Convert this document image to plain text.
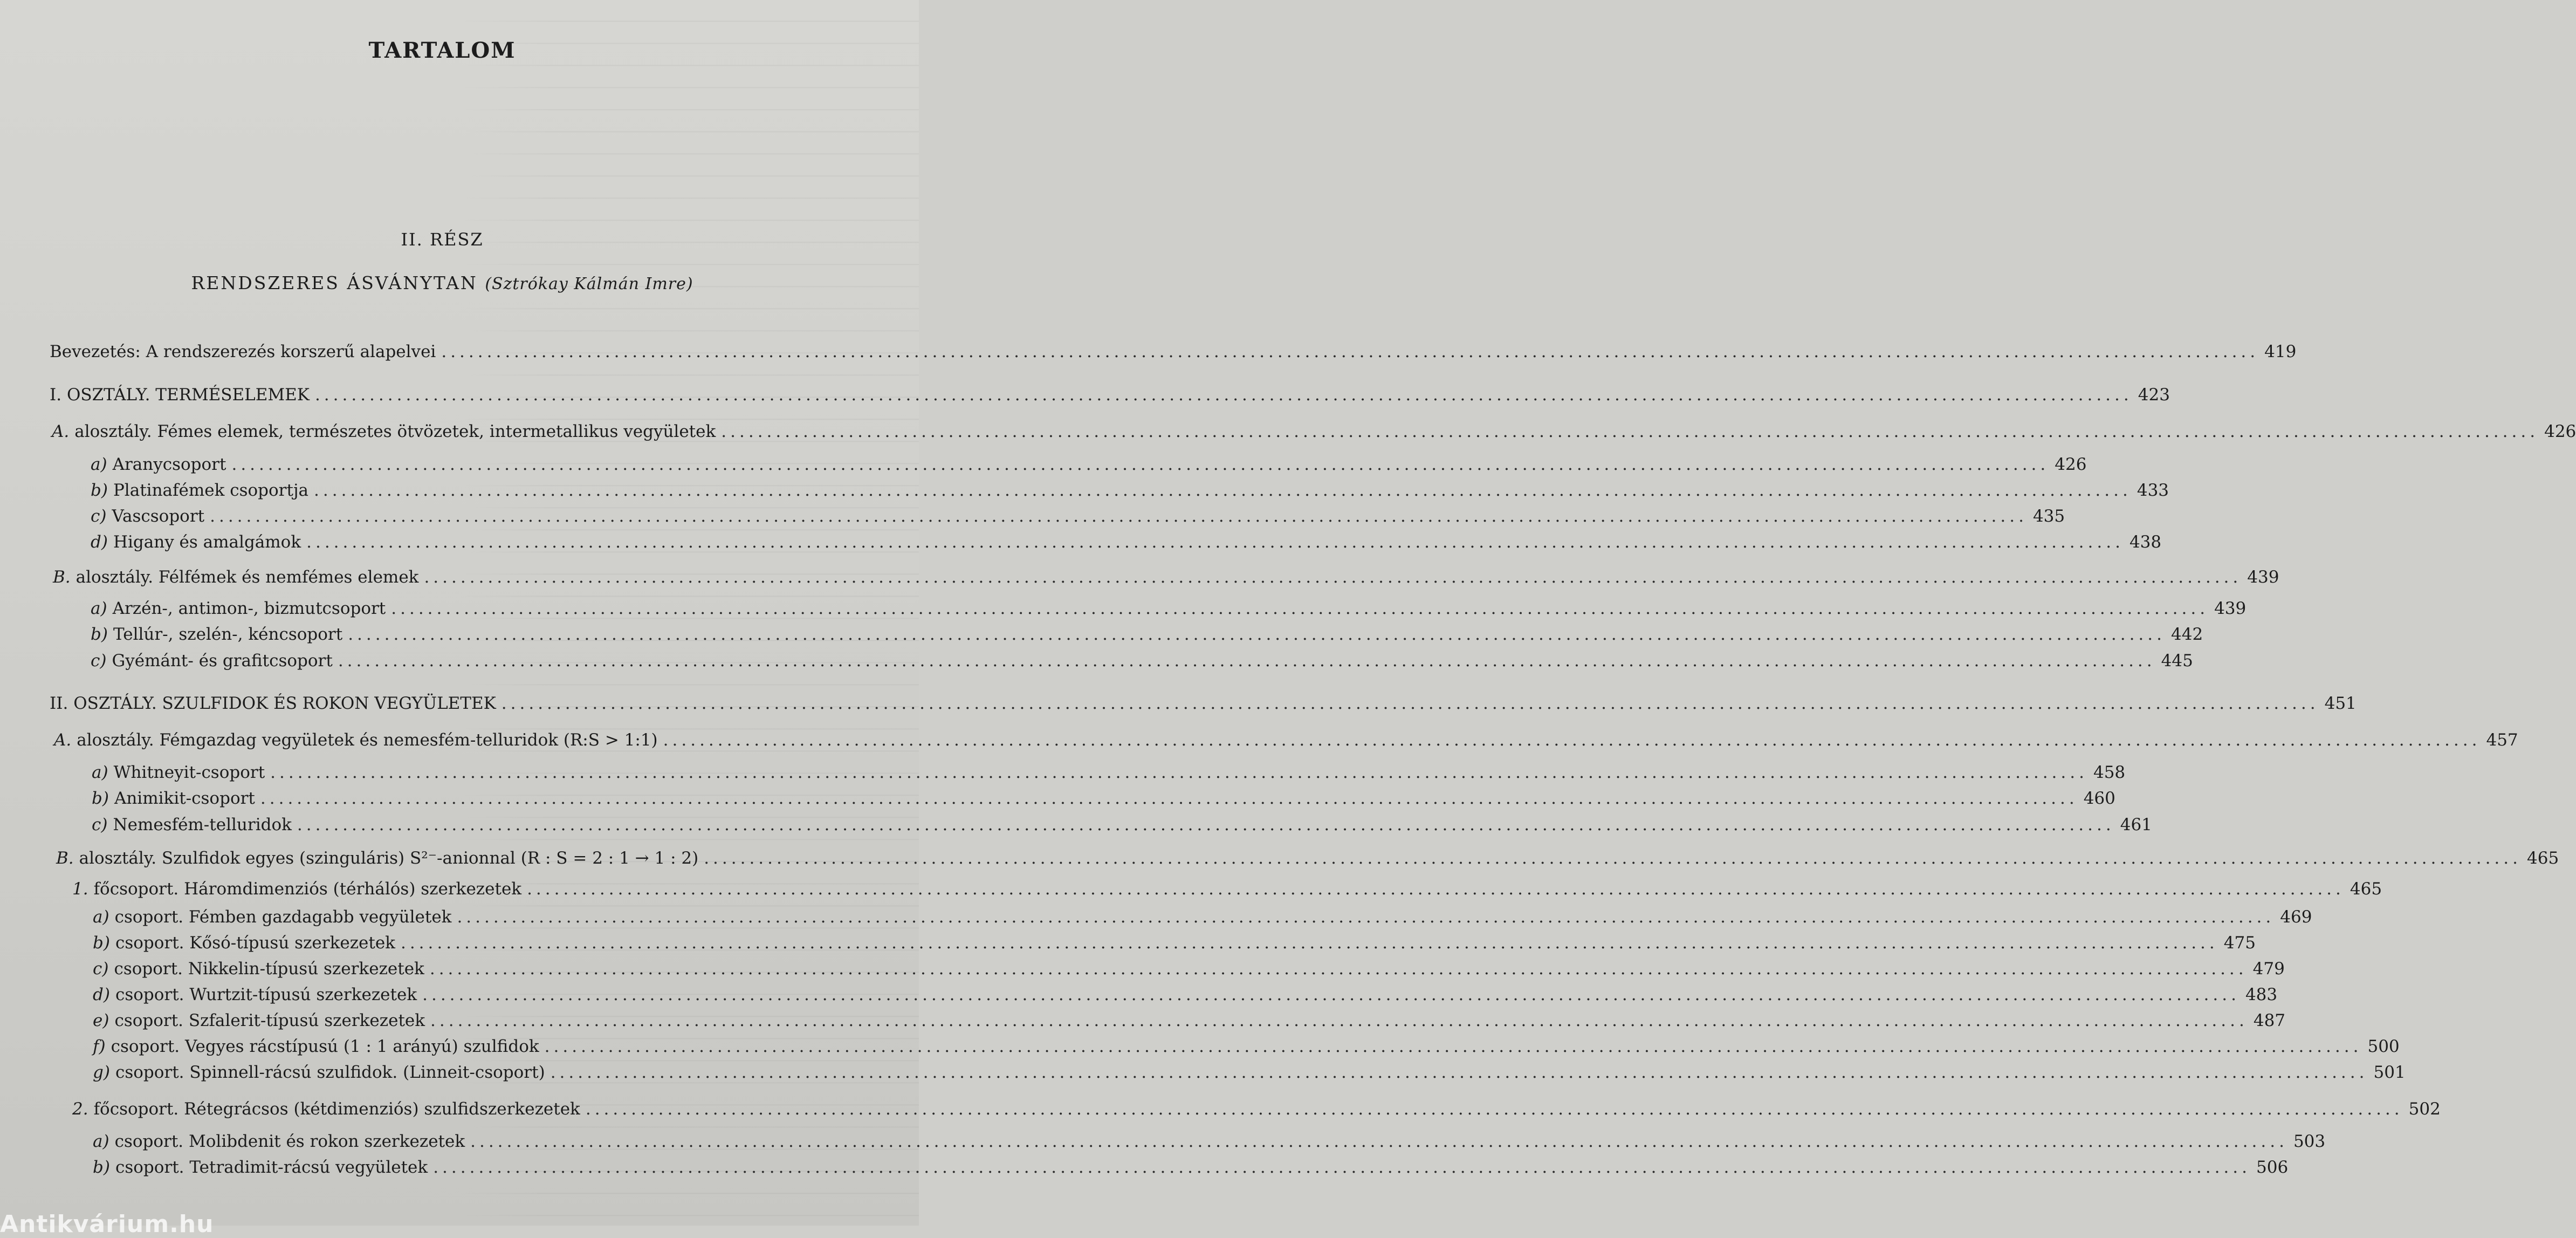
TARTALOM
II. RÉSZ
RENDSZERES ÁSVÁNYTAN (Sztrókay Kálmán Imre)
Bevezetés: A rendszerezés korszerű alapelvei ........................................................................................................................................................................................................ 419
I. OSZTÁLY. TERMÉSELEMEK ........................................................................................................................................................................................................ 423
A. alosztály. Fémes elemek, természetes ötvözetek, intermetallikus vegyületek ........................................................................................................................................................................................................ 426
a) Aranycsoport ........................................................................................................................................................................................................ 426
b) Platinafémek csoportja ........................................................................................................................................................................................................ 433
c) Vascsoport ........................................................................................................................................................................................................ 435
d) Higany és amalgámok ........................................................................................................................................................................................................ 438
B. alosztály. Félfémek és nemfémes elemek ........................................................................................................................................................................................................ 439
a) Arzén-, antimon-, bizmutcsoport ........................................................................................................................................................................................................ 439
b) Tellúr-, szelén-, kéncsoport ........................................................................................................................................................................................................ 442
c) Gyémánt- és grafitcsoport ........................................................................................................................................................................................................ 445
II. OSZTÁLY. SZULFIDOK ÉS ROKON VEGYÜLETEK ........................................................................................................................................................................................................ 451
A. alosztály. Fémgazdag vegyületek és nemesfém-telluridok (R:S > 1:1) ........................................................................................................................................................................................................ 457
a) Whitneyit-csoport ........................................................................................................................................................................................................ 458
b) Animikit-csoport ........................................................................................................................................................................................................ 460
c) Nemesfém-telluridok ........................................................................................................................................................................................................ 461
B. alosztály. Szulfidok egyes (szinguláris) S²⁻-anionnal (R : S = 2 : 1 → 1 : 2) ........................................................................................................................................................................................................ 465
1. főcsoport. Háromdimenziós (térhálós) szerkezetek ........................................................................................................................................................................................................ 465
a) csoport. Fémben gazdagabb vegyületek ........................................................................................................................................................................................................ 469
b) csoport. Kősó-típusú szerkezetek ........................................................................................................................................................................................................ 475
c) csoport. Nikkelin-típusú szerkezetek ........................................................................................................................................................................................................ 479
d) csoport. Wurtzit-típusú szerkezetek ........................................................................................................................................................................................................ 483
e) csoport. Szfalerit-típusú szerkezetek ........................................................................................................................................................................................................ 487
f) csoport. Vegyes rácstípusú (1 : 1 arányú) szulfidok ........................................................................................................................................................................................................ 500
g) csoport. Spinnell-rácsú szulfidok. (Linneit-csoport) ........................................................................................................................................................................................................ 501
2. főcsoport. Rétegrácsos (kétdimenziós) szulfidszerkezetek ........................................................................................................................................................................................................ 502
a) csoport. Molibdenit és rokon szerkezetek ........................................................................................................................................................................................................ 503
b) csoport. Tetradimit-rácsú vegyületek ........................................................................................................................................................................................................ 506
Antikvárium.hu
